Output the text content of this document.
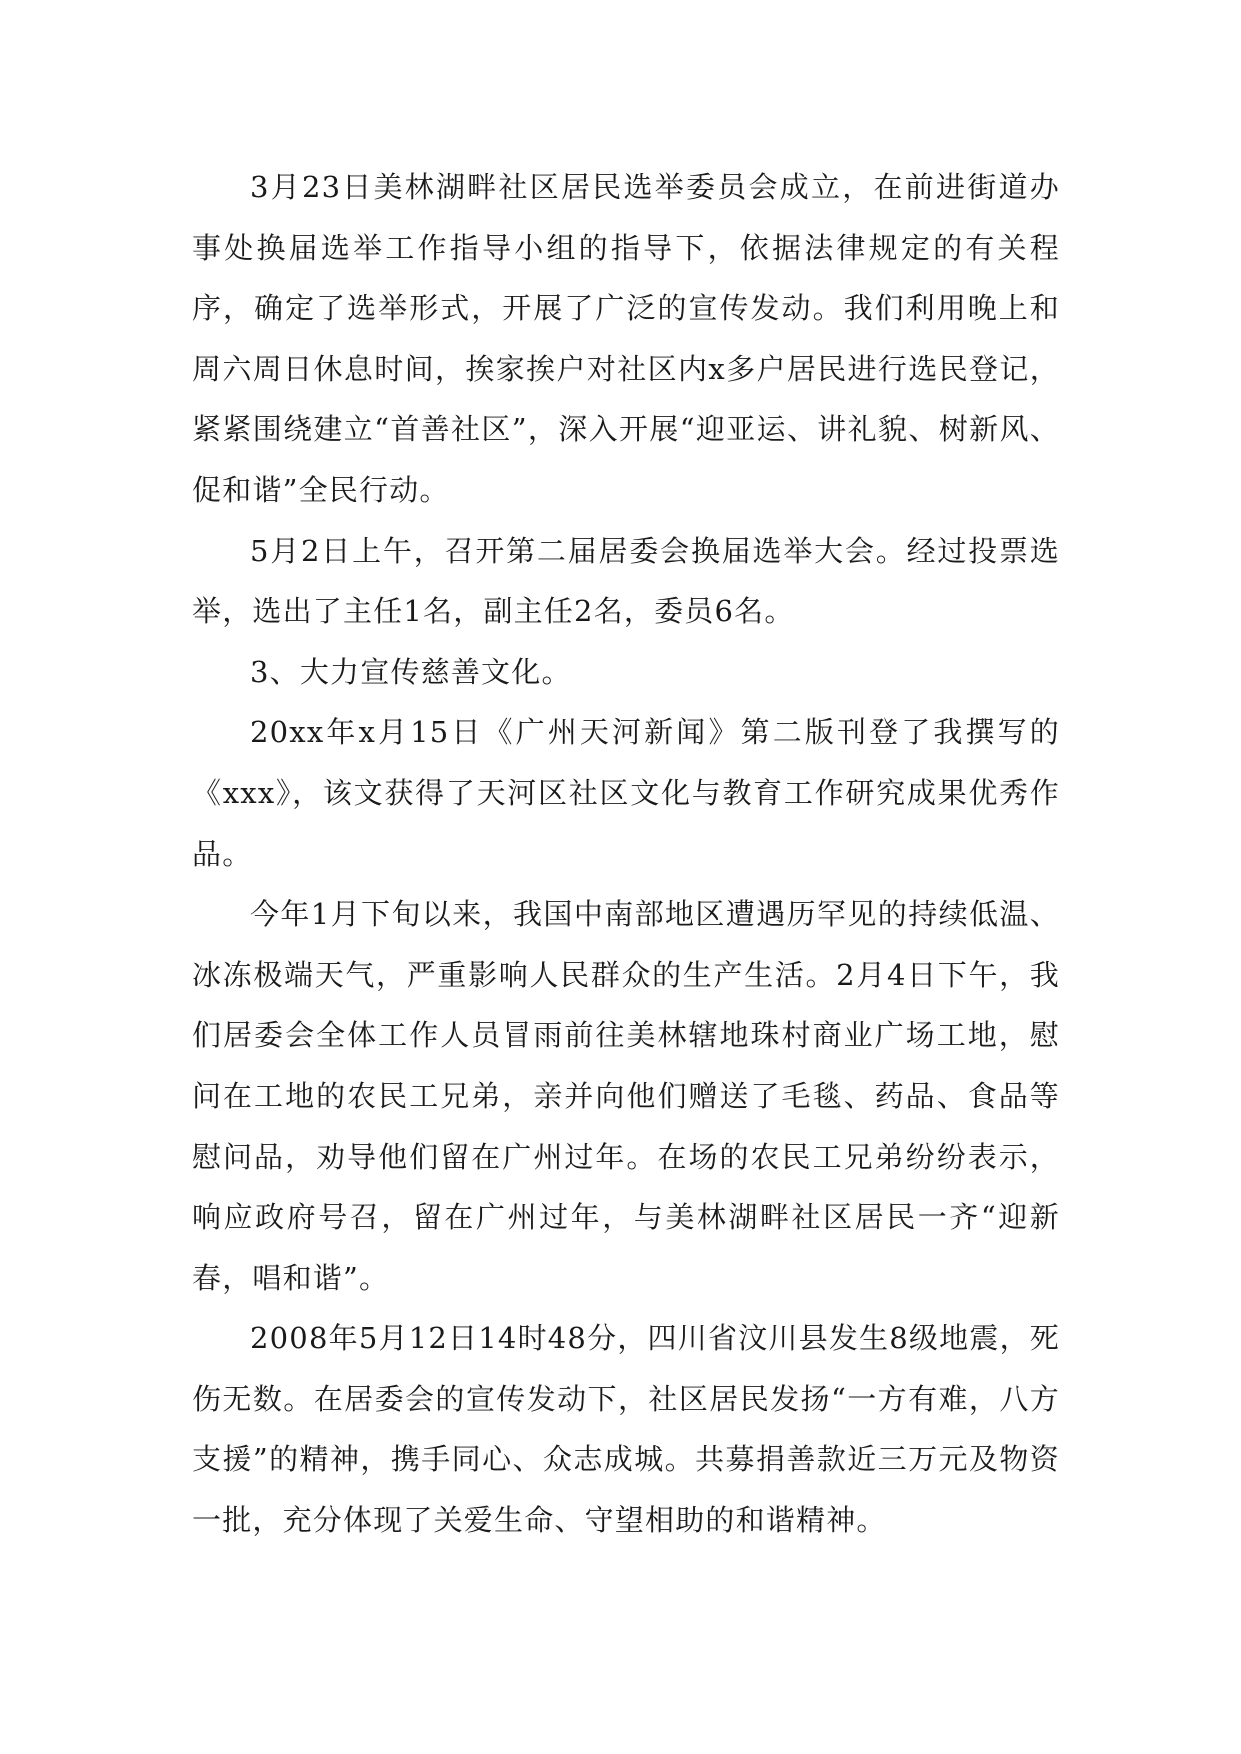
3月23日美林湖畔社区居民选举委员会成立，在前进街道办事处换届选举工作指导小组的指导下，依据法律规定的有关程序，确定了选举形式，开展了广泛的宣传发动。我们利用晚上和周六周日休息时间，挨家挨户对社区内x多户居民进行选民登记，紧紧围绕建立“首善社区”，深入开展“迎亚运、讲礼貌、树新风、促和谐”全民行动。

5月2日上午，召开第二届居委会换届选举大会。经过投票选举，选出了主任1名，副主任2名，委员6名。

3、大力宣传慈善文化。

20xx年x月15日《广州天河新闻》第二版刊登了我撰写的《xxx》，该文获得了天河区社区文化与教育工作研究成果优秀作品。

今年1月下旬以来，我国中南部地区遭遇历罕见的持续低温、冰冻极端天气，严重影响人民群众的生产生活。2月4日下午，我们居委会全体工作人员冒雨前往美林辖地珠村商业广场工地，慰问在工地的农民工兄弟，亲并向他们赠送了毛毯、药品、食品等慰问品，劝导他们留在广州过年。在场的农民工兄弟纷纷表示，响应政府号召，留在广州过年，与美林湖畔社区居民一齐“迎新春，唱和谐”。

2008年5月12日14时48分，四川省汶川县发生8级地震，死伤无数。在居委会的宣传发动下，社区居民发扬“一方有难，八方支援”的精神，携手同心、众志成城。共募捐善款近三万元及物资一批，充分体现了关爱生命、守望相助的和谐精神。
